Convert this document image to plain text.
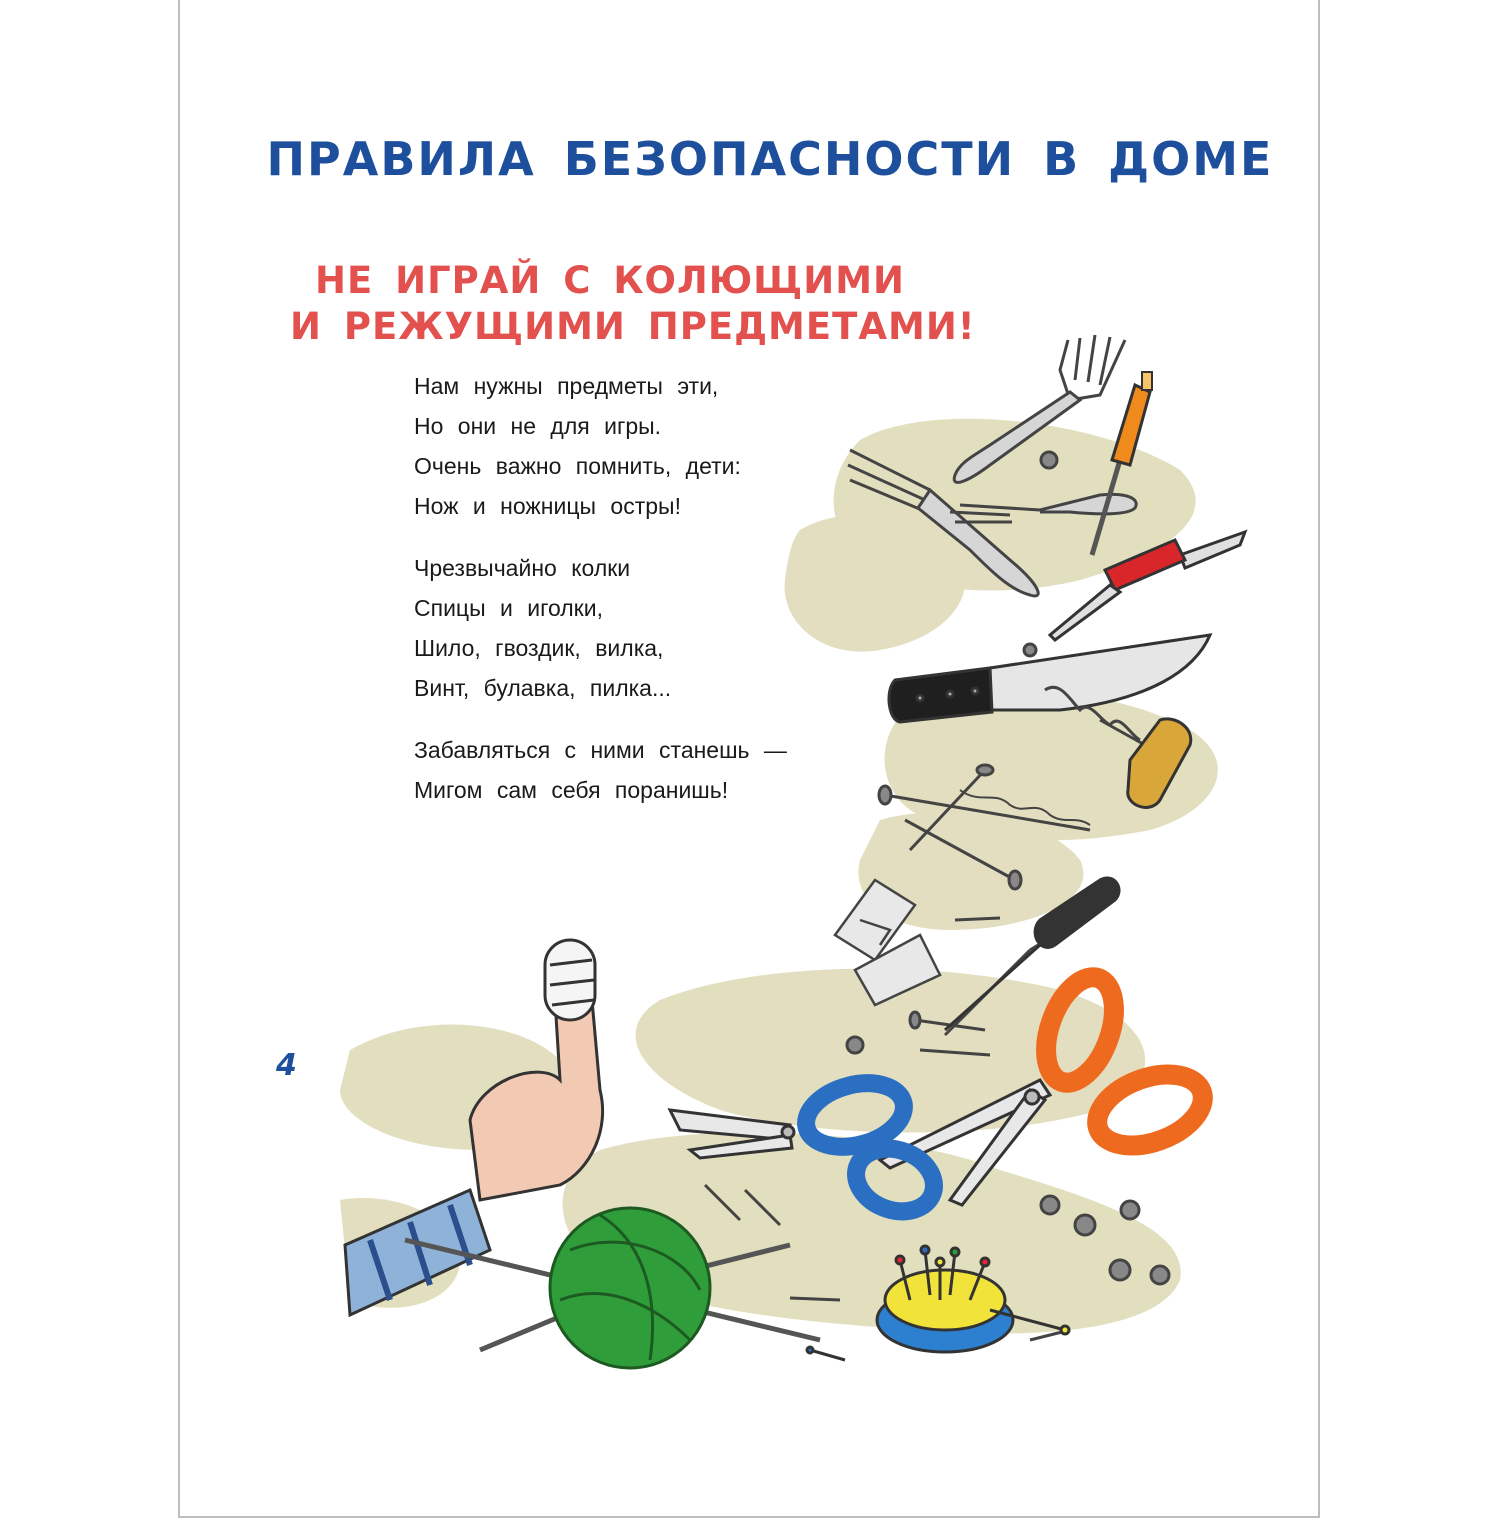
ПРАВИЛА БЕЗОПАСНОСТИ В ДОМЕ
НЕ ИГРАЙ С КОЛЮЩИМИ
И РЕЖУЩИМИ ПРЕДМЕТАМИ!
Нам нужны предметы эти,
Но они не для игры.
Очень важно помнить, дети:
Нож и ножницы остры!
Чрезвычайно колки
Спицы и иголки,
Шило, гвоздик, вилка,
Винт, булавка, пилка...
Забавляться с ними станешь —
Мигом сам себя поранишь!
4
